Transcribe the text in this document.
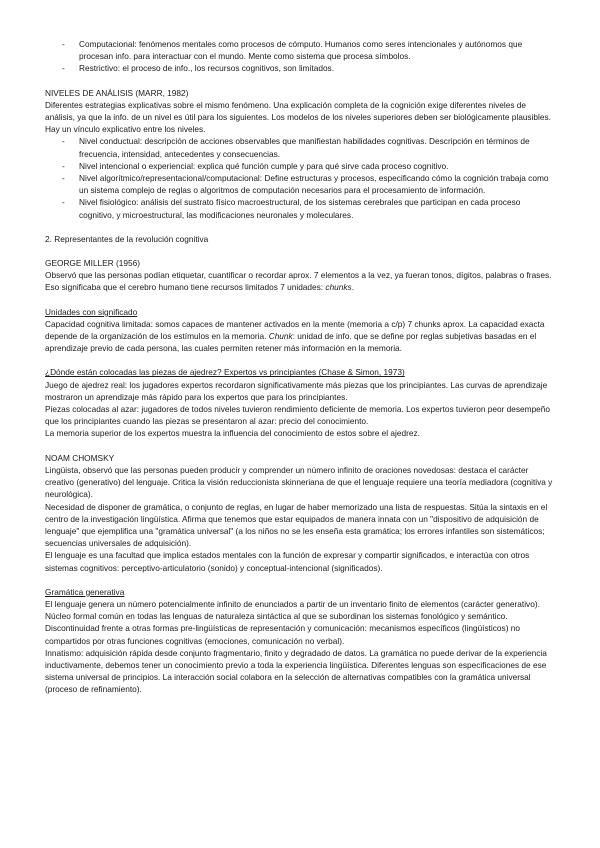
- Computacional: fenómenos mentales como procesos de cómputo. Humanos como seres intencionales y autónomos que procesan info. para interactuar con el mundo. Mente como sistema que procesa símbolos.
- Restrictivo: el proceso de info., los recursos cognitivos, son limitados.

NIVELES DE ANÁLISIS (MARR, 1982)

Diferentes estrategias explicativas sobre el mismo fenómeno. Una explicación completa de la cognición exige diferentes niveles de análisis, ya que la info. de un nivel es útil para los siguientes. Los modelos de los niveles superiores deben ser biológicamente plausibles. Hay un vínculo explicativo entre los niveles.

- Nivel conductual: descripción de acciones observables que manifiestan habilidades cognitivas. Descripción en términos de frecuencia, intensidad, antecedentes y consecuencias.
- Nivel intencional o experiencial: explica qué función cumple y para qué sirve cada proceso cognitivo.
- Nivel algorítmico/representacional/computacional: Define estructuras y procesos, especificando cómo la cognición trabaja como un sistema complejo de reglas o algoritmos de computación necesarios para el procesamiento de información.
- Nivel fisiológico: análisis del sustrato físico macroestructural, de los sistemas cerebrales que participan en cada proceso cognitivo, y microestructural, las modificaciones neuronales y moleculares.

2. Representantes de la revolución cognitiva

GEORGE MILLER (1956)

Observó que las personas podían etiquetar, cuantificar o recordar aprox. 7 elementos a la vez, ya fueran tonos, dígitos, palabras o frases. Eso significaba que el cerebro humano tiene recursos limitados 7 unidades: chunks.

Unidades con significado

Capacidad cognitiva limitada: somos capaces de mantener activados en la mente (memoria a c/p) 7 chunks aprox. La capacidad exacta depende de la organización de los estímulos en la memoria. Chunk: unidad de info. que se define por reglas subjetivas basadas en el aprendizaje previo de cada persona, las cuales permiten retener más información en la memoria.

¿Dónde están colocadas las piezas de ajedrez? Expertos vs principiantes (Chase & Simon, 1973)

Juego de ajedrez real: los jugadores expertos recordaron significativamente más piezas que los principiantes. Las curvas de aprendizaje mostraron un aprendizaje más rápido para los expertos que para los principiantes.

Piezas colocadas al azar: jugadores de todos niveles tuvieron rendimiento deficiente de memoria. Los expertos tuvieron peor desempeño que los principiantes cuando las piezas se presentaron al azar: precio del conocimiento.

La memoria superior de los expertos muestra la influencia del conocimiento de estos sobre el ajedrez.

NOAM CHOMSKY

Lingüista, observó que las personas pueden producir y comprender un número infinito de oraciones novedosas: destaca el carácter creativo (generativo) del lenguaje. Critica la visión reduccionista skinneriana de que el lenguaje requiere una teoría mediadora (cognitiva y neurológica).

Necesidad de disponer de gramática, o conjunto de reglas, en lugar de haber memorizado una lista de respuestas. Sitúa la sintaxis en el centro de la investigación lingüística. Afirma que tenemos que estar equipados de manera innata con un "dispositivo de adquisición de lenguaje" que ejemplifica una "gramática universal" (a los niños no se les enseña esta gramática; los errores infantiles son sistemáticos; secuencias universales de adquisición).

El lenguaje es una facultad que implica estados mentales con la función de expresar y compartir significados, e interactúa con otros sistemas cognitivos: perceptivo-articulatorio (sonido) y conceptual-intencional (significados).

Gramática generativa

El lenguaje genera un número potencialmente infinito de enunciados a partir de un inventario finito de elementos (carácter generativo). Núcleo formal común en todas las lenguas de naturaleza sintáctica al que se subordinan los sistemas fonológico y semántico. Discontinuidad frente a otras formas pre-lingüísticas de representación y comunicación: mecanismos específicos (lingüísticos) no compartidos por otras funciones cognitivas (emociones, comunicación no verbal).

Innatismo: adquisición rápida desde conjunto fragmentario, finito y degradado de datos. La gramática no puede derivar de la experiencia inductivamente, debemos tener un conocimiento previo a toda la experiencia lingüística. Diferentes lenguas son especificaciones de ese sistema universal de principios. La interacción social colabora en la selección de alternativas compatibles con la gramática universal (proceso de refinamiento).
